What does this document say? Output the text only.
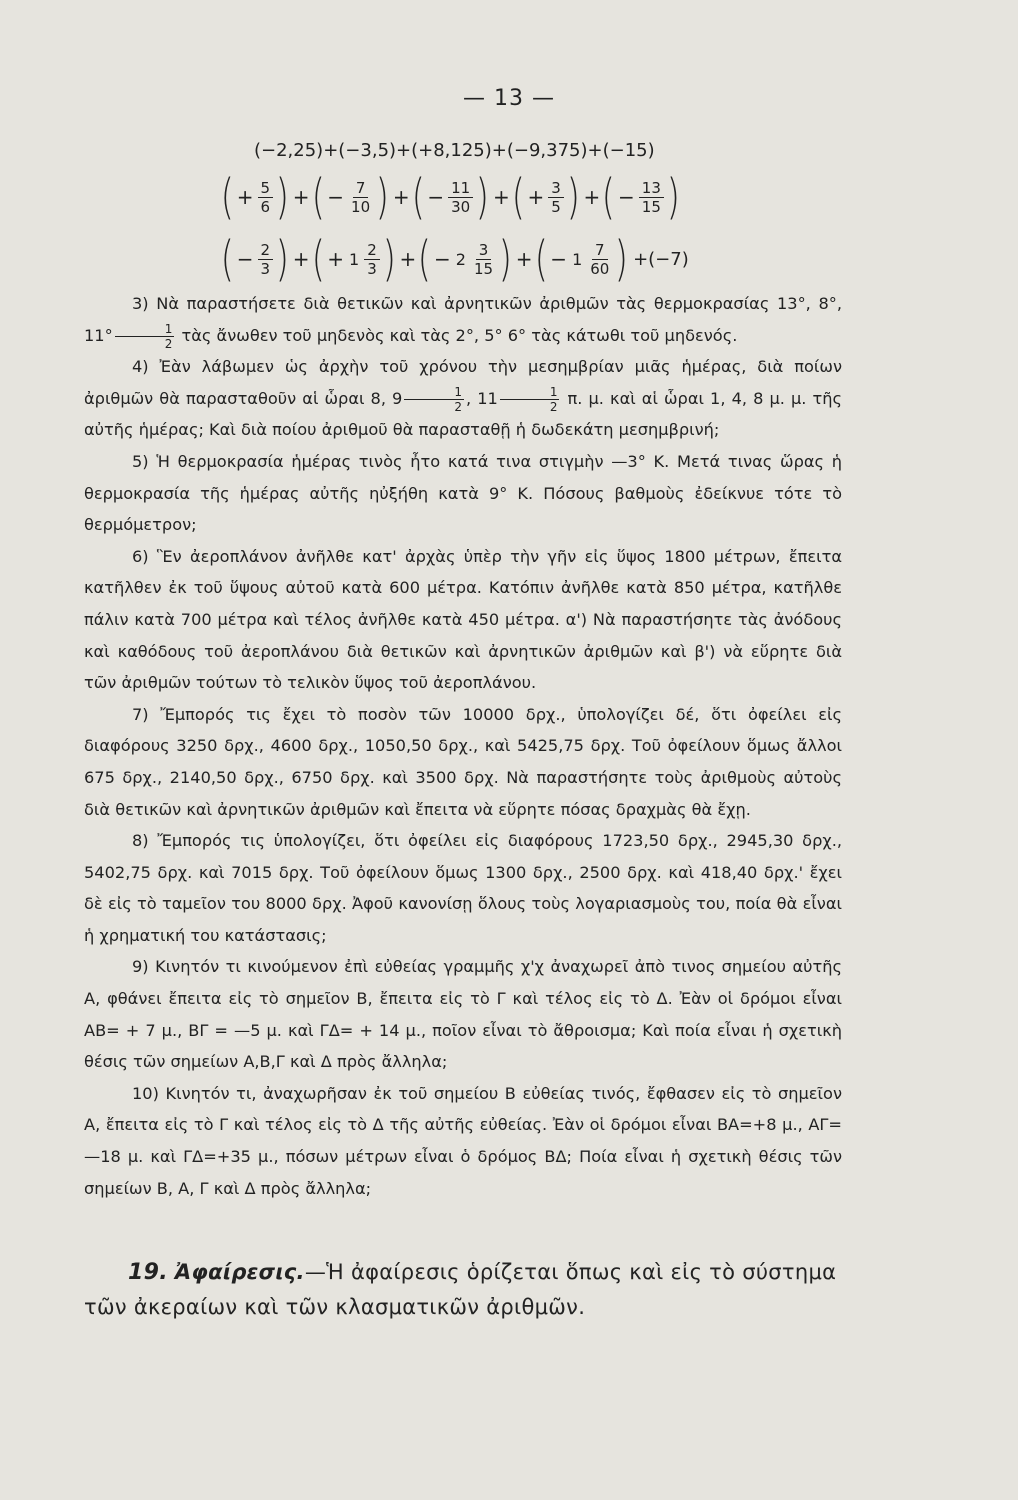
— 13 —
(−2,25)+(−3,5)+(+8,125)+(−9,375)+(−15)
( + $\frac{5}{6}$ ) + ( − $\frac{7}{10}$ ) + ( − $\frac{11}{30}$ ) + ( + $\frac{3}{5}$ ) + ( − $\frac{13}{15}$ )
( − $\frac{2}{3}$ ) + ( + $1 \frac{2}{3}$ ) + ( − $2 \frac{3}{15}$ ) + ( − $1 \frac{7}{60}$ ) +(−7)

3) Νὰ παραστήσετε διὰ θετικῶν καὶ ἀρνητικῶν ἀριθμῶν τὰς θερμοκρασίας 13°, 8°, $11^\circ \frac{1}{2}$ τὰς ἄνωθεν τοῦ μηδενὸς καὶ τὰς 2°, 5° 6° τὰς κάτωθι τοῦ μηδενός.

4) Ἐὰν λάβωμεν ὡς ἀρχὴν τοῦ χρόνου τὴν μεσημβρίαν μιᾶς ἡμέρας, διὰ ποίων ἀριθμῶν θὰ παρασταθοῦν αἱ ὧραι 8, $9 \frac{1}{2}$ , $11 \frac{1}{2} \pi$. μ. καὶ αἱ ὧραι 1, 4, 8 μ. μ. τῆς αὐτῆς ἡμέρας; Καὶ διὰ ποίου ἀριθμοῦ θὰ παρασταθῇ ἡ δωδεκάτη μεσημβρινή;

5) Ἡ θερμοκρασία ἡμέρας τινὸς ἦτο κατά τινα στιγμὴν —3° Κ. Μετά τινας ὥρας ἡ θερμοκρασία τῆς ἡμέρας αὐτῆς ηὐξήθη κατὰ 9° Κ. Πόσους βαθμοὺς ἐδείκνυε τότε τὸ θερμόμετρον;

6) Ἓν ἀεροπλάνον ἀνῆλθε κατ' ἀρχὰς ὑπὲρ τὴν γῆν εἰς ὕψος 1800 μέτρων, ἔπειτα κατῆλθεν ἐκ τοῦ ὕψους αὐτοῦ κατὰ 600 μέτρα. Κατόπιν ἀνῆλθε κατὰ 850 μέτρα, κατῆλθε πάλιν κατὰ 700 μέτρα καὶ τέλος ἀνῆλθε κατὰ 450 μέτρα. α') Νὰ παραστήσητε τὰς ἀνόδους καὶ καθόδους τοῦ ἀεροπλάνου διὰ θετικῶν καὶ ἀρνητικῶν ἀριθμῶν καὶ β') νὰ εὕρητε διὰ τῶν ἀριθμῶν τούτων τὸ τελικὸν ὕψος τοῦ ἀεροπλάνου.

7) Ἔμπορός τις ἔχει τὸ ποσὸν τῶν 10000 δρχ., ὑπολογίζει δέ, ὅτι ὀφείλει εἰς διαφόρους 3250 δρχ., 4600 δρχ., 1050,50 δρχ., καὶ 5425,75 δρχ. Τοῦ ὀφείλουν ὅμως ἄλλοι 675 δρχ., 2140,50 δρχ., 6750 δρχ. καὶ 3500 δρχ. Νὰ παραστήσητε τοὺς ἀριθμοὺς αὐτοὺς διὰ θετικῶν καὶ ἀρνητικῶν ἀριθμῶν καὶ ἔπειτα νὰ εὕρητε πόσας δραχμὰς θὰ ἔχῃ.

8) Ἔμπορός τις ὑπολογίζει, ὅτι ὀφείλει εἰς διαφόρους 1723,50 δρχ., 2945,30 δρχ., 5402,75 δρχ. καὶ 7015 δρχ. Τοῦ ὀφείλουν ὅμως 1300 δρχ., 2500 δρχ. καὶ 418,40 δρχ.' ἔχει δὲ εἰς τὸ ταμεῖον του 8000 δρχ. Ἀφοῦ κανονίσῃ ὅλους τοὺς λογαριασμοὺς του, ποία θὰ εἶναι ἡ χρηματική του κατάστασις;

9) Κινητόν τι κινούμενον ἐπὶ εὐθείας γραμμῆς χ'χ ἀναχωρεῖ ἀπὸ τινος σημείου αὐτῆς Α, φθάνει ἔπειτα εἰς τὸ σημεῖον Β, ἔπειτα εἰς τὸ Γ καὶ τέλος εἰς τὸ Δ. Ἐὰν οἱ δρόμοι εἶναι ΑΒ= + 7 μ., ΒΓ = —5 μ. καὶ ΓΔ= + 14 μ., ποῖον εἶναι τὸ ἄθροισμα; Καὶ ποία εἶναι ἡ σχετικὴ θέσις τῶν σημείων Α,Β,Γ καὶ Δ πρὸς ἄλληλα;

10) Κινητόν τι, ἀναχωρῆσαν ἐκ τοῦ σημείου Β εὐθείας τινός, ἔφθασεν εἰς τὸ σημεῖον Α, ἔπειτα εἰς τὸ Γ καὶ τέλος εἰς τὸ Δ τῆς αὐτῆς εὐθείας. Ἐὰν οἱ δρόμοι εἶναι ΒΑ=+8 μ., ΑΓ= —18 μ. καὶ ΓΔ=+35 μ., πόσων μέτρων εἶναι ὁ δρόμος ΒΔ; Ποία εἶναι ἡ σχετικὴ θέσις τῶν σημείων Β, Α, Γ καὶ Δ πρὸς ἄλληλα;

19. Ἀφαίρεσις.—Ἡ ἀφαίρεσις ὁρίζεται ὅπως καὶ εἰς τὸ σύστημα τῶν ἀκεραίων καὶ τῶν κλασματικῶν ἀριθμῶν.
